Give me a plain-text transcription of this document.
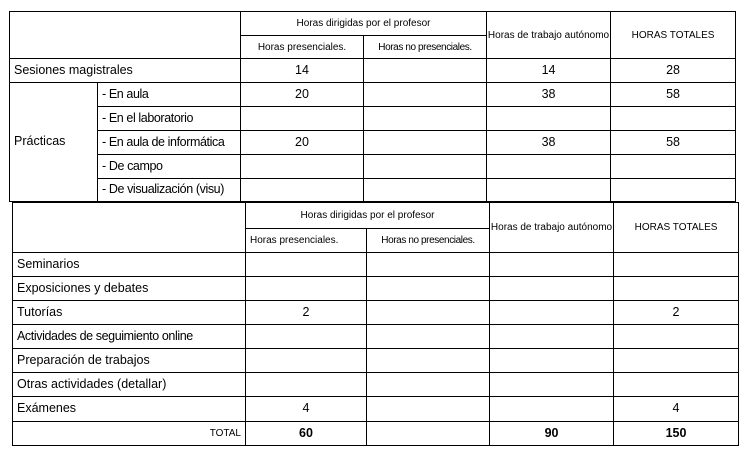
		Horas dirigidas por el profesor		Horas de trabajo autónomo	HORAS TOTALES
		Horas presenciales.	Horas no presenciales.		
Sesiones magistrales		14		14	28
Prácticas	- En aula	20		38	58
	- En el laboratorio				
	- En aula de informática	20		38	58
	- De campo				
	- De visualización (visu)				
	Horas dirigidas por el profesor		Horas de trabajo autónomo	HORAS TOTALES
	Horas presenciales.	Horas no presenciales.		
Seminarios				
Exposiciones y debates				
Tutorías	2			2
Actividades de seguimiento online				
Preparación de trabajos				
Otras actividades (detallar)				
Exámenes	4			4
TOTAL	60		90	150
